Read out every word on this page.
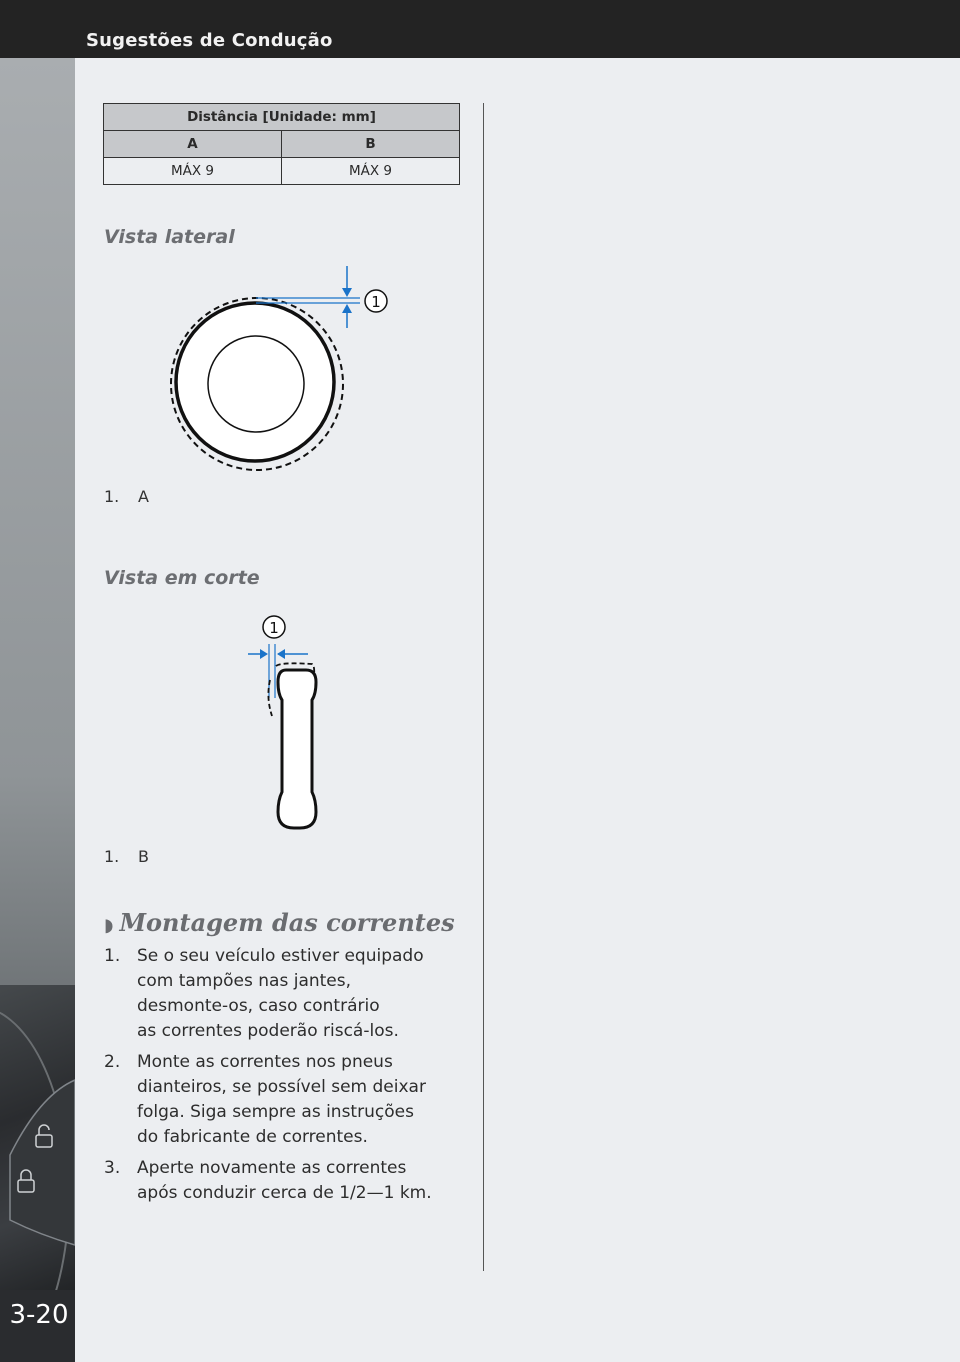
Sugestões de Condução
3-20
Distância [Unidade: mm]	
A	B
MÁX 9	MÁX 9
Vista lateral
1
1. A
Vista em corte
1
1. B
◗ Montagem das correntes
1. Se o seu veículo estiver equipado
com tampões nas jantes,
desmonte-os, caso contrário
as correntes poderão riscá-los.
2. Monte as correntes nos pneus
dianteiros, se possível sem deixar
folga. Siga sempre as instruções
do fabricante de correntes.
3. Aperte novamente as correntes
após conduzir cerca de 1/2—1 km.
